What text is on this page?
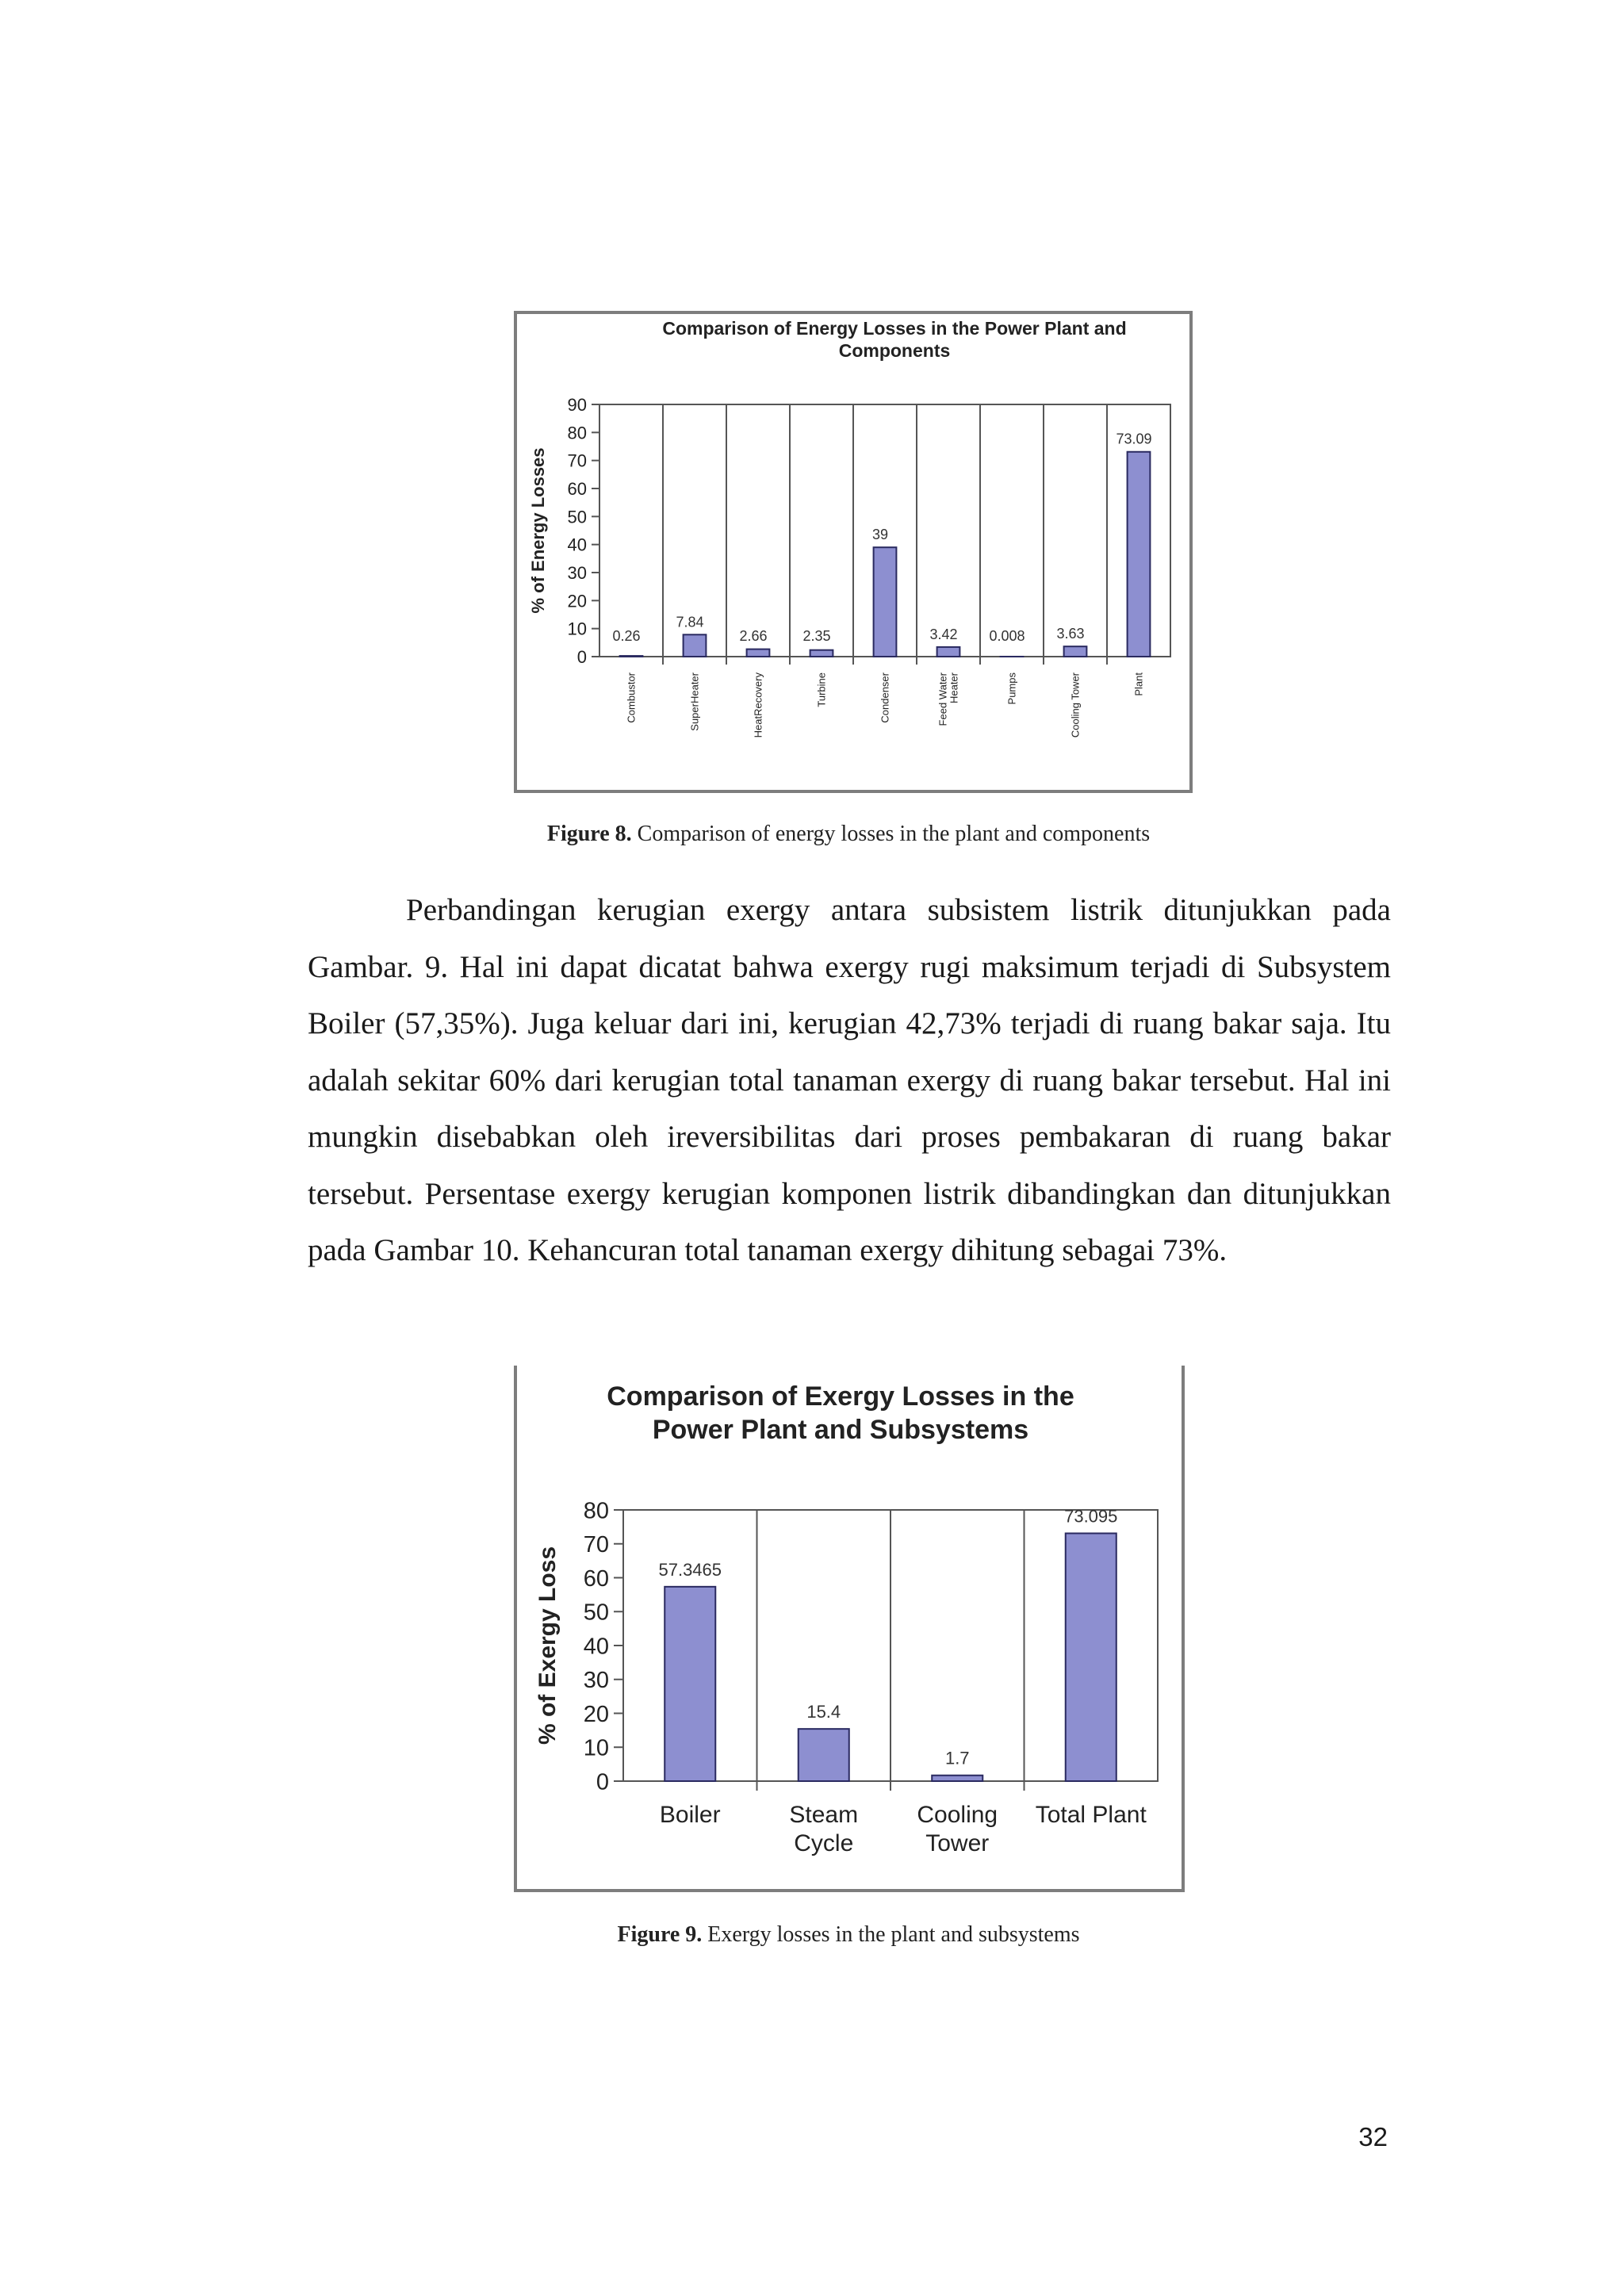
Comparison of Energy Losses in the Power Plant and
Components
% of Energy Losses
0
10
20
30
40
50
60
70
80
90
0.26
Combustor
7.84
SuperHeater
2.66
HeatRecovery
2.35
Turbine
39
Condenser
3.42
Feed Water Heater
0.008
Pumps
3.63
Cooling Tower
73.09
Plant
Figure 8. Comparison of energy losses in the plant and components

Perbandingan kerugian exergy antara subsistem listrik ditunjukkan pada Gambar. 9. Hal ini dapat dicatat bahwa exergy rugi maksimum terjadi di Subsystem Boiler (57,35%). Juga keluar dari ini, kerugian 42,73% terjadi di ruang bakar saja. Itu adalah sekitar 60% dari kerugian total tanaman exergy di ruang bakar tersebut. Hal ini mungkin disebabkan oleh ireversibilitas dari proses pembakaran di ruang bakar tersebut. Persentase exergy kerugian komponen listrik dibandingkan dan ditunjukkan pada Gambar 10. Kehancuran total tanaman exergy dihitung sebagai 73%.

Comparison of Exergy Losses in the
Power Plant and Subsystems
% of Exergy Loss
0
10
20
30
40
50
60
70
80
57.3465
Boiler
15.4
Steam
Cycle
1.7
Cooling
Tower
73.095
Total Plant
Figure 9. Exergy losses in the plant and subsystems
32
